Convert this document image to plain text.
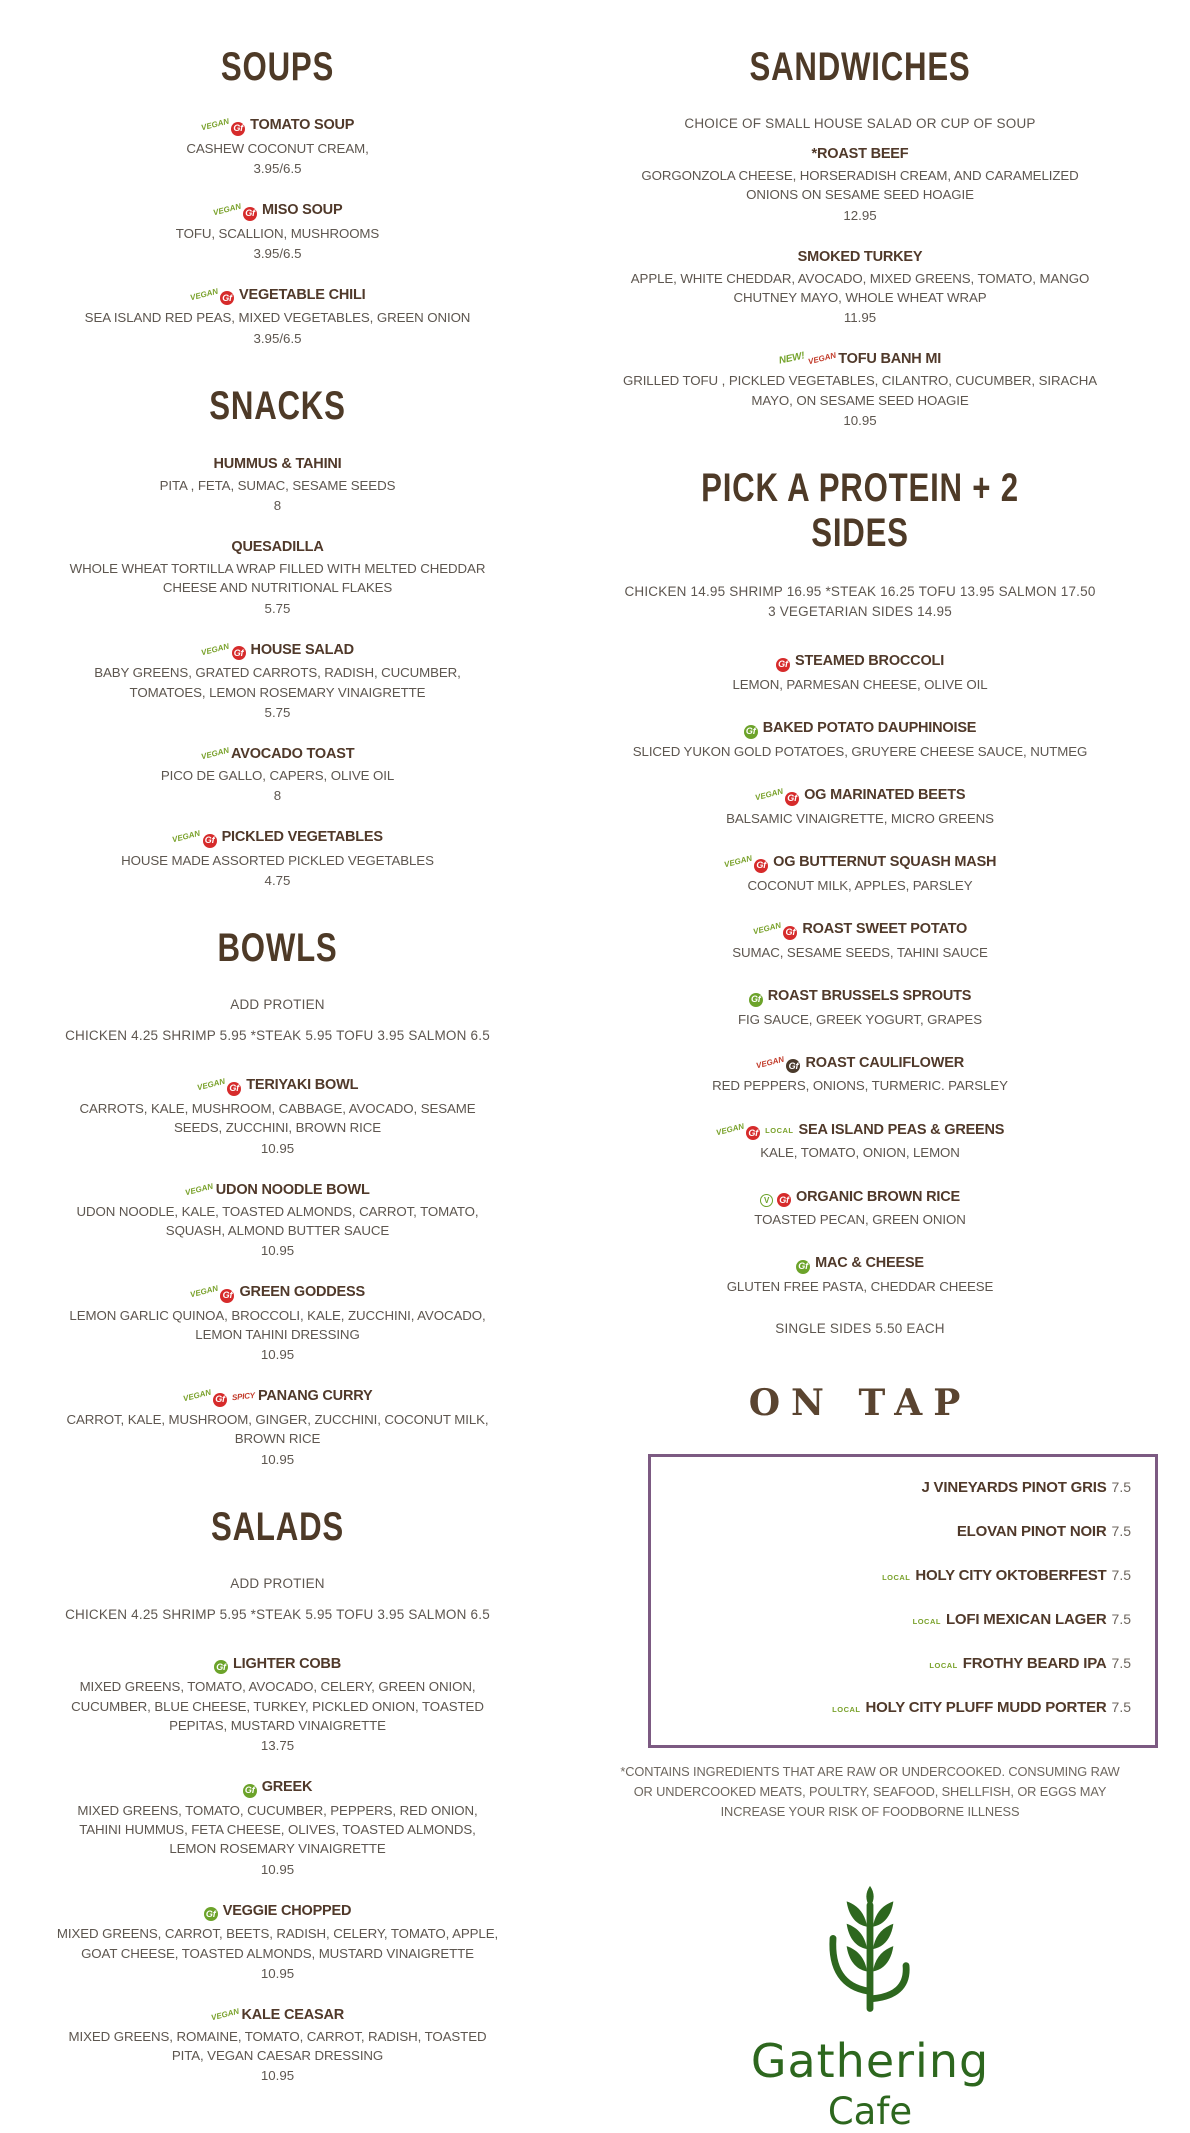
SOUPS
VEGAN Gf TOMATO SOUP

CASHEW COCONUT CREAM,

3.95/6.5

VEGAN Gf MISO SOUP

TOFU, SCALLION, MUSHROOMS

3.95/6.5

VEGAN Gf VEGETABLE CHILI

SEA ISLAND RED PEAS, MIXED VEGETABLES, GREEN ONION

3.95/6.5

SNACKS
HUMMUS & TAHINI

PITA , FETA, SUMAC, SESAME SEEDS

8

QUESADILLA

WHOLE WHEAT TORTILLA WRAP FILLED WITH MELTED CHEDDAR CHEESE AND NUTRITIONAL FLAKES

5.75

VEGAN Gf HOUSE SALAD

BABY GREENS, GRATED CARROTS, RADISH, CUCUMBER, TOMATOES, LEMON ROSEMARY VINAIGRETTE

5.75

VEGANAVOCADO TOAST

PICO DE GALLO, CAPERS, OLIVE OIL

8

VEGAN Gf PICKLED VEGETABLES

HOUSE MADE ASSORTED PICKLED VEGETABLES

4.75

BOWLS

ADD PROTIEN

CHICKEN 4.25 SHRIMP 5.95 *STEAK 5.95 TOFU 3.95 SALMON 6.5

VEGAN Gf TERIYAKI BOWL

CARROTS, KALE, MUSHROOM, CABBAGE, AVOCADO, SESAME SEEDS, ZUCCHINI, BROWN RICE

10.95

VEGANUDON NOODLE BOWL

UDON NOODLE, KALE, TOASTED ALMONDS, CARROT, TOMATO, SQUASH, ALMOND BUTTER SAUCE

10.95

VEGAN Gf GREEN GODDESS

LEMON GARLIC QUINOA, BROCCOLI, KALE, ZUCCHINI, AVOCADO, LEMON TAHINI DRESSING

10.95

VEGAN Gf SPICY PANANG CURRY

CARROT, KALE, MUSHROOM, GINGER, ZUCCHINI, COCONUT MILK, BROWN RICE

10.95

SALADS

ADD PROTIEN

CHICKEN 4.25 SHRIMP 5.95 *STEAK 5.95 TOFU 3.95 SALMON 6.5

Gf LIGHTER COBB

MIXED GREENS, TOMATO, AVOCADO, CELERY, GREEN ONION, CUCUMBER, BLUE CHEESE, TURKEY, PICKLED ONION, TOASTED PEPITAS, MUSTARD VINAIGRETTE

13.75

Gf GREEK

MIXED GREENS, TOMATO, CUCUMBER, PEPPERS, RED ONION, TAHINI HUMMUS, FETA CHEESE, OLIVES, TOASTED ALMONDS, LEMON ROSEMARY VINAIGRETTE

10.95

Gf VEGGIE CHOPPED

MIXED GREENS, CARROT, BEETS, RADISH, CELERY, TOMATO, APPLE, GOAT CHEESE, TOASTED ALMONDS, MUSTARD VINAIGRETTE

10.95

VEGANKALE CEASAR

MIXED GREENS, ROMAINE, TOMATO, CARROT, RADISH, TOASTED PITA, VEGAN CAESAR DRESSING

10.95

SANDWICHES

CHOICE OF SMALL HOUSE SALAD OR CUP OF SOUP

*ROAST BEEF

GORGONZOLA CHEESE, HORSERADISH CREAM, AND CARAMELIZED ONIONS ON SESAME SEED HOAGIE

12.95

SMOKED TURKEY

APPLE, WHITE CHEDDAR, AVOCADO, MIXED GREENS, TOMATO, MANGO CHUTNEY MAYO, WHOLE WHEAT WRAP

11.95

NEW! VEGANTOFU BANH MI

GRILLED TOFU , PICKLED VEGETABLES, CILANTRO, CUCUMBER, SIRACHA MAYO, ON SESAME SEED HOAGIE

10.95

PICK A PROTEIN + 2 SIDES

CHICKEN 14.95 SHRIMP 16.95 *STEAK 16.25 TOFU 13.95 SALMON 17.50 3 VEGETARIAN SIDES 14.95

Gf STEAMED BROCCOLI

LEMON, PARMESAN CHEESE, OLIVE OIL

Gf BAKED POTATO DAUPHINOISE

SLICED YUKON GOLD POTATOES, GRUYERE CHEESE SAUCE, NUTMEG

VEGAN Gf OG MARINATED BEETS

BALSAMIC VINAIGRETTE, MICRO GREENS

VEGAN Gf OG BUTTERNUT SQUASH MASH

COCONUT MILK, APPLES, PARSLEY

VEGAN Gf ROAST SWEET POTATO

SUMAC, SESAME SEEDS, TAHINI SAUCE

Gf ROAST BRUSSELS SPROUTS

FIG SAUCE, GREEK YOGURT, GRAPES

VEGAN Gf ROAST CAULIFLOWER

RED PEPPERS, ONIONS, TURMERIC. PARSLEY

VEGAN Gf LOCAL SEA ISLAND PEAS & GREENS

KALE, TOMATO, ONION, LEMON

V Gf ORGANIC BROWN RICE

TOASTED PECAN, GREEN ONION

Gf MAC & CHEESE

GLUTEN FREE PASTA, CHEDDAR CHEESE

SINGLE SIDES 5.50 EACH

ON TAP
J VINEYARDS PINOT GRIS 7.5
ELOVAN PINOT NOIR 7.5
LOCAL HOLY CITY OKTOBERFEST 7.5
LOCAL LOFI MEXICAN LAGER 7.5
LOCAL FROTHY BEARD IPA 7.5
LOCAL HOLY CITY PLUFF MUDD PORTER 7.5

*CONTAINS INGREDIENTS THAT ARE RAW OR UNDERCOOKED. CONSUMING RAW OR UNDERCOOKED MEATS, POULTRY, SEAFOOD, SHELLFISH, OR EGGS MAY INCREASE YOUR RISK OF FOODBORNE ILLNESS

Gathering
Cafe
